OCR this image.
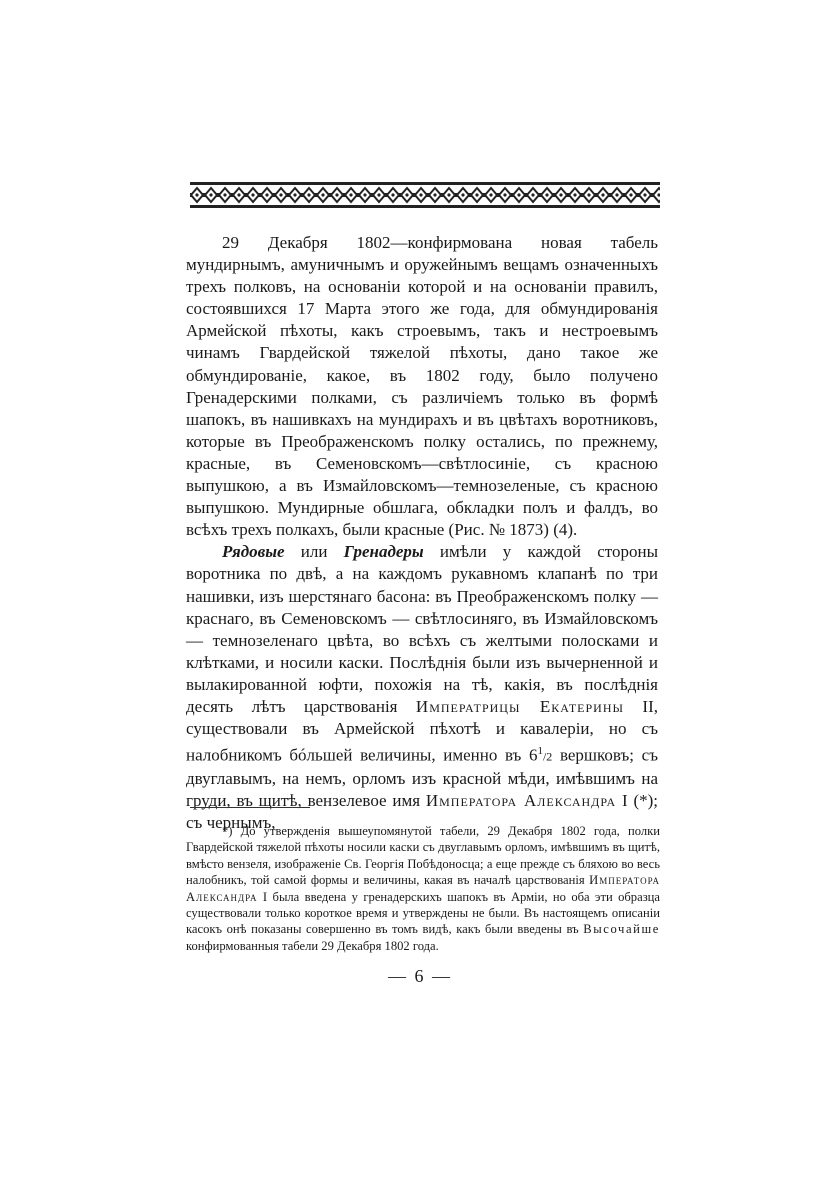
29 Декабря 1802—конфирмована новая табель мундирнымъ, амуничнымъ и оружейнымъ вещамъ означенныхъ трехъ полковъ, на основанiи которой и на основанiи правилъ, состоявшихся 17 Марта этого же года, для обмундированiя Армейской пѣхоты, какъ строевымъ, такъ и нестроевымъ чинамъ Гвардейской тяжелой пѣхоты, дано такое же обмундированiе, какое, въ 1802 году, было получено Гренадерскими полками, съ различiемъ только въ формѣ шапокъ, въ нашивкахъ на мундирахъ и въ цвѣтахъ воротниковъ, которые въ Преображенскомъ полку остались, по прежнему, красные, въ Семеновскомъ—свѣтлосинiе, съ красною выпушкою, а въ Измайловскомъ—темнозеленые, съ красною выпушкою. Мундирные обшлага, обкладки полъ и фалдъ, во всѣхъ трехъ полкахъ, были красные (Рис. № 1873) (4).

Рядовые или Гренадеры имѣли у каждой стороны воротника по двѣ, а на каждомъ рукавномъ клапанѣ по три нашивки, изъ шерстянаго басона: въ Преображенскомъ полку — краснаго, въ Семеновскомъ — свѣтлосиняго, въ Измайловскомъ — темнозеленаго цвѣта, во всѣхъ съ желтыми полосками и клѣтками, и носили каски. Послѣднiя были изъ вычерненной и вылакированной юфти, похожiя на тѣ, какiя, въ послѣднiя десять лѣтъ царствованiя Императрицы Екатерины II, существовали въ Армейской пѣхотѣ и кавалерiи, но съ налобникомъ бóльшей величины, именно въ $6^1/2$ вершковъ; съ двуглавымъ, на немъ, орломъ изъ красной мѣди, имѣвшимъ на груди, въ щитѣ, вензелевое имя Императора Александра I (*); съ чернымъ,

*) До утвержденiя вышеупомянутой табели, 29 Декабря 1802 года, полки Гвардейской тяжелой пѣхоты носили каски съ двуглавымъ орломъ, имѣвшимъ въ щитѣ, вмѣсто вензеля, изображенiе Св. Георгiя Побѣдоносца; а еще прежде съ бляхою во весь налобникъ, той самой формы и величины, какая въ началѣ царствованiя Императора Александра I была введена у гренадерскихъ шапокъ въ Армiи, но оба эти образца существовали только короткое время и утверждены не были. Въ настоящемъ описанiи касокъ онѣ показаны совершенно въ томъ видѣ, какъ были введены въ Высочайше конфирмованныя табели 29 Декабря 1802 года.

— 6 —
